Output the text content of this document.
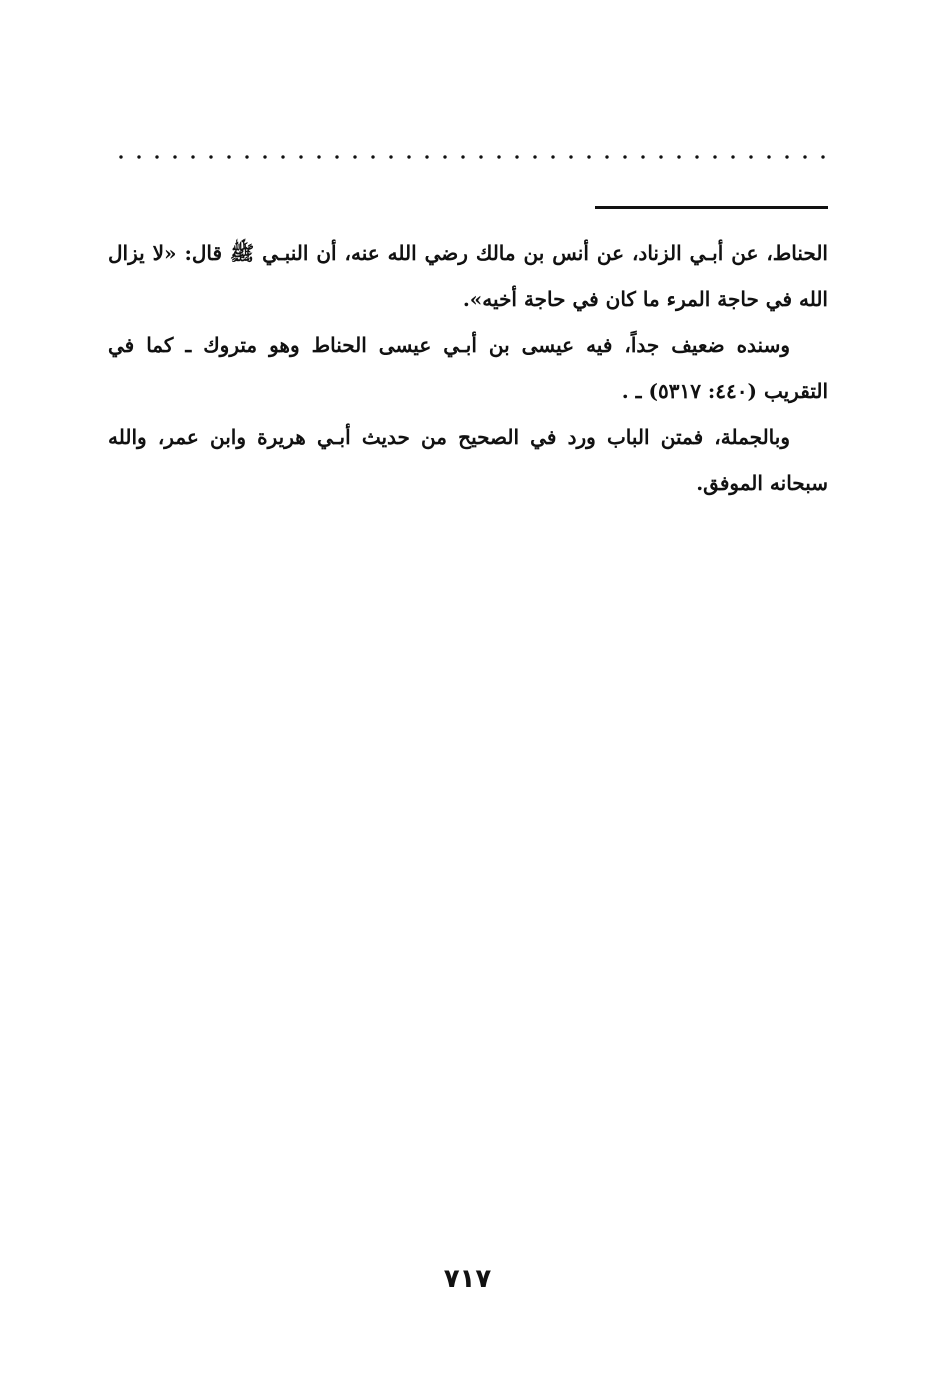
الحناط، عن أبـي الزناد، عن أنس بن مالك رضي الله عنه، أن النبـي ﷺ قال: «لا يزال الله في حاجة المرء ما كان في حاجة أخيه».

وسنده ضعيف جداً، فيه عيسى بن أبـي عيسى الحناط وهو متروك ـ كما في التقريب (٤٤٠: ٥٣١٧) ـ .

وبالجملة، فمتن الباب ورد في الصحيح من حديث أبـي هريرة وابن عمر، والله سبحانه الموفق.

٧١٧
